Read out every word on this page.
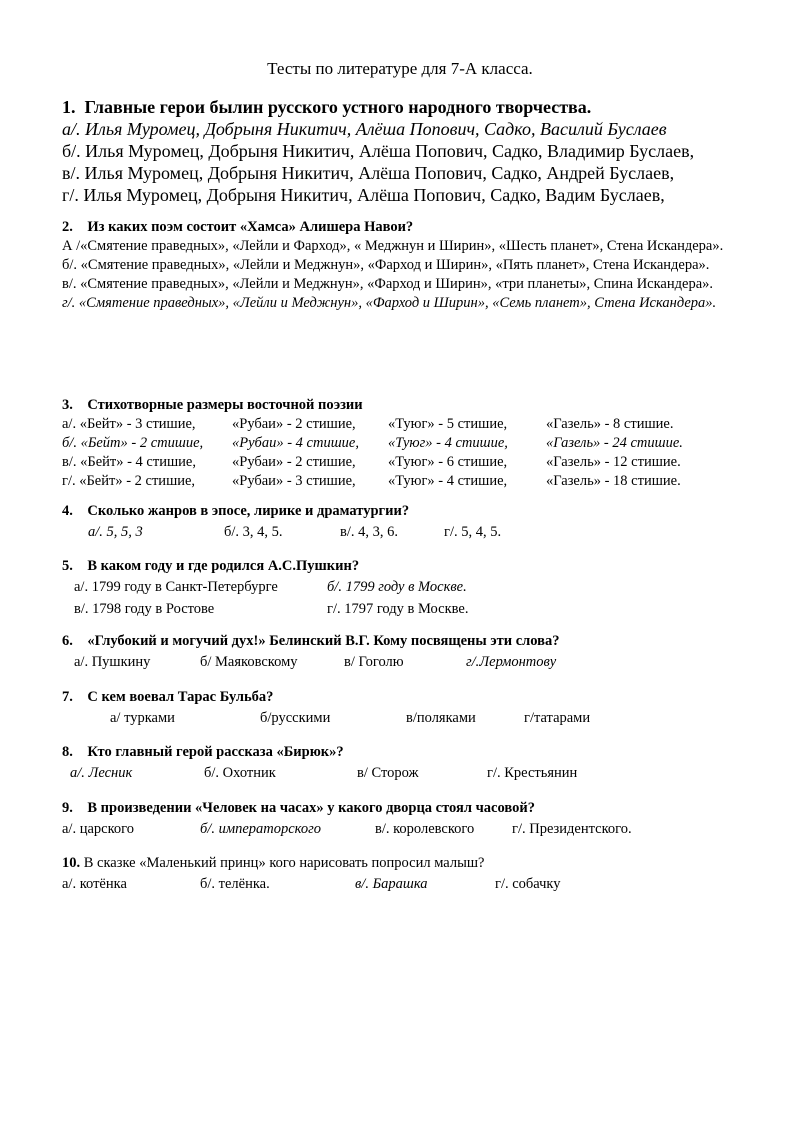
Тесты по литературе для 7-А класса.
1. Главные герои былин русского устного народного творчества.
а/. Илья Муромец, Добрыня Никитич, Алёша Попович, Садко, Василий Буслаев
б/. Илья Муромец, Добрыня Никитич, Алёша Попович, Садко, Владимир Буслаев,
в/. Илья Муромец, Добрыня Никитич, Алёша Попович, Садко, Андрей Буслаев,
г/. Илья Муромец, Добрыня Никитич, Алёша Попович, Садко, Вадим Буслаев,
2. Из каких поэм состоит «Хамса» Алишера Навои?
А /«Смятение праведных», «Лейли и Фарход», « Меджнун и Ширин», «Шесть планет», Стена Искандера».
б/. «Смятение праведных», «Лейли и Меджнун», «Фарход и Ширин», «Пять планет», Стена Искандера».
в/. «Смятение праведных», «Лейли и Меджнун», «Фарход и Ширин», «три планеты», Спина Искандера».
г/. «Смятение праведных», «Лейли и Меджнун», «Фарход и Ширин», «Семь планет», Стена Искандера».
3. Стихотворные размеры восточной поэзии
а/. «Бейт» - 3 стишие,	«Рубаи» - 2 стишие, «Туюг» - 5 стишие,	«Газель» - 8 стишие.
б/. «Бейт» - 2 стишие, «Рубаи» - 4 стишие, «Туюг» - 4 стишие,	«Газель» - 24 стишие.
в/. «Бейт» - 4 стишие, «Рубаи» - 2 стишие, «Туюг» - 6 стишие,	«Газель» - 12 стишие.
г/. «Бейт» - 2 стишие,	«Рубаи» - 3 стишие, «Туюг» - 4 стишие,	«Газель» - 18 стишие.
4. Сколько жанров в эпосе, лирике и драматургии?
а/. 5, 5, 3	б/. 3, 4, 5.	в/. 4, 3, 6.	г/. 5, 4, 5.
5. В каком году и где родился А.С.Пушкин?
а/. 1799 году в Санкт-Петербурге	б/. 1799 году в Москве.
в/. 1798 году в Ростове	г/. 1797 году в Москве.
6. «Глубокий и могучий дух!» Белинский В.Г. Кому посвящены эти слова?
а/. Пушкину	б/ Маяковскому	в/ Гоголю	г/.Лермонтову
7. С кем воевал Тарас Бульба?
а/ турками	б/русскими	в/поляками	г/татарами
8. Кто главный герой рассказа «Бирюк»?
а/. Лесник	б/. Охотник	в/ Сторож	г/. Крестьянин
9. В произведении «Человек на часах» у какого дворца стоял часовой?
а/. царского	б/. императорского	в/. королевского	г/. Президентского.
10. В сказке «Маленький принц» кого нарисовать попросил малыш?
а/. котёнка	б/. телёнка.	в/. Барашка	г/. собачку
